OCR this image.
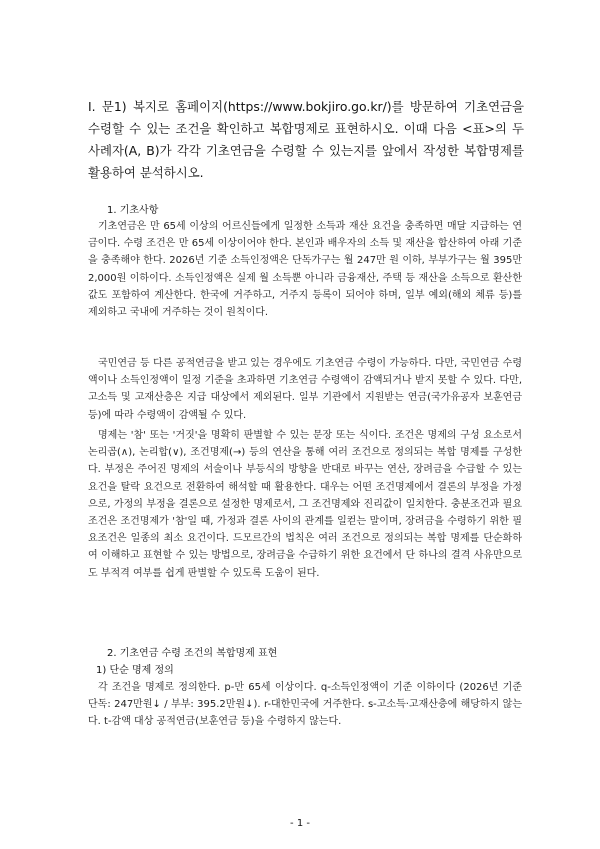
I. 문1) 복지로 홈페이지(https://www.bokjiro.go.kr/)를 방문하여 기초연금을 수령할 수 있는 조건을 확인하고 복합명제로 표현하시오. 이때 다음 <표>의 두 사례자(A, B)가 각각 기초연금을 수령할 수 있는지를 앞에서 작성한 복합명제를 활용하여 분석하시오.
1. 기초사항
기초연금은 만 65세 이상의 어르신들에게 일정한 소득과 재산 요건을 충족하면 매달 지급하는 연금이다. 수령 조건은 만 65세 이상이어야 한다. 본인과 배우자의 소득 및 재산을 합산하여 아래 기준을 충족해야 한다. 2026년 기준 소득인정액은 단독가구는 월 247만 원 이하, 부부가구는 월 395만 2,000원 이하이다. 소득인정액은 실제 월 소득뿐 아니라 금융재산, 주택 등 재산을 소득으로 환산한 값도 포함하여 계산한다. 한국에 거주하고, 거주지 등록이 되어야 하며, 일부 예외(해외 체류 등)를 제외하고 국내에 거주하는 것이 원칙이다.
국민연금 등 다른 공적연금을 받고 있는 경우에도 기초연금 수령이 가능하다. 다만, 국민연금 수령액이나 소득인정액이 일정 기준을 초과하면 기초연금 수령액이 감액되거나 받지 못할 수 있다. 다만, 고소득 및 고재산층은 지급 대상에서 제외된다. 일부 기관에서 지원받는 연금(국가유공자 보훈연금 등)에 따라 수령액이 감액될 수 있다.
명제는 '참' 또는 '거짓'을 명확히 판별할 수 있는 문장 또는 식이다. 조건은 명제의 구성 요소로서 논리곱(∧), 논리합(∨), 조건명제(→) 등의 연산을 통해 여러 조건으로 정의되는 복합 명제를 구성한다. 부정은 주어진 명제의 서술이나 부등식의 방향을 반대로 바꾸는 연산, 장려금을 수급할 수 있는 요건을 탈락 요건으로 전환하여 해석할 때 활용한다. 대우는 어떤 조건명제에서 결론의 부정을 가정으로, 가정의 부정을 결론으로 설정한 명제로서, 그 조건명제와 진리값이 일치한다. 충분조건과 필요조건은 조건명제가 '참'일 때, 가정과 결론 사이의 관계를 일컫는 말이며, 장려금을 수령하기 위한 필요조건은 일종의 최소 요건이다. 드모르간의 법칙은 여러 조건으로 정의되는 복합 명제를 단순화하여 이해하고 표현할 수 있는 방법으로, 장려금을 수급하기 위한 요건에서 단 하나의 결격 사유만으로도 부적격 여부를 쉽게 판별할 수 있도록 도움이 된다.
2. 기초연금 수령 조건의 복합명제 표현
1) 단순 명제 정의
각 조건을 명제로 정의한다. p-만 65세 이상이다. q-소득인정액이 기준 이하이다 (2026년 기준 단독: 247만원↓ / 부부: 395.2만원↓). r-대한민국에 거주한다. s-고소득·고재산층에 해당하지 않는다. t-감액 대상 공적연금(보훈연금 등)을 수령하지 않는다.
- 1 -
